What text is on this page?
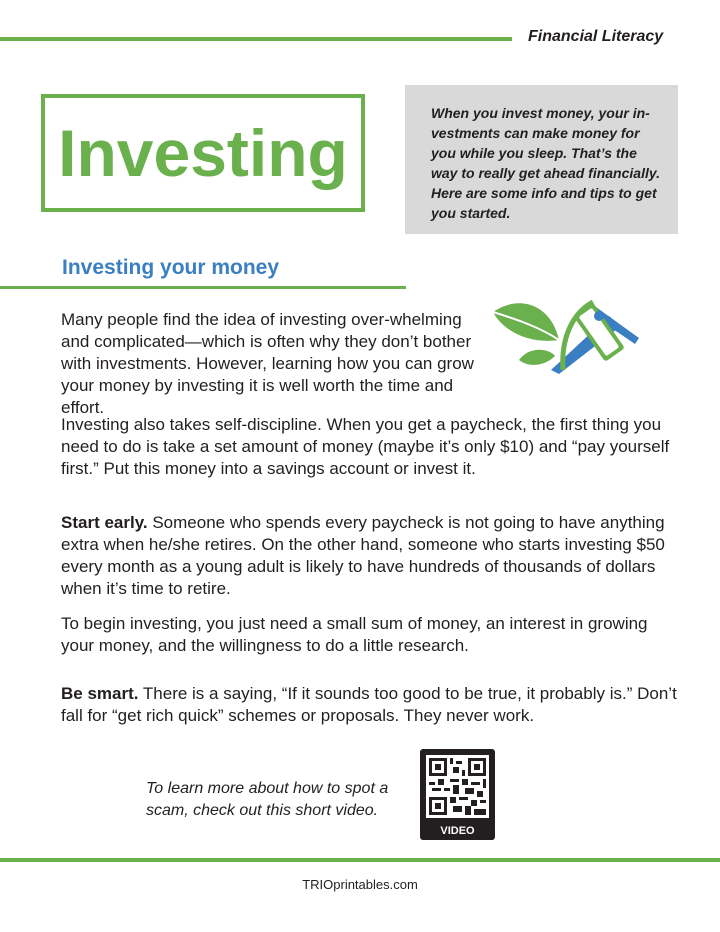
Financial Literacy
Investing
When you invest money, your in-vestments can make money for you while you sleep. That’s the way to really get ahead financially. Here are some info and tips to get you started.
Investing your money

Many people find the idea of investing over-whelming and complicated—which is often why they don’t bother with investments. However, learning how you can grow your money by investing it is well worth the time and effort.

Investing also takes self-discipline. When you get a paycheck, the first thing you need to do is take a set amount of money (maybe it’s only $10) and “pay yourself first.” Put this money into a savings account or invest it.

Start early. Someone who spends every paycheck is not going to have anything extra when he/she retires. On the other hand, someone who starts investing $50 every month as a young adult is likely to have hundreds of thousands of dollars when it’s time to retire.

To begin investing, you just need a small sum of money, an interest in growing your money, and the willingness to do a little research.

Be smart. There is a saying, “If it sounds too good to be true, it probably is.” Don’t fall for “get rich quick” schemes or proposals. They never work.

To learn more about how to spot a scam, check out this short video.

VIDEO
TRIOprintables.com
